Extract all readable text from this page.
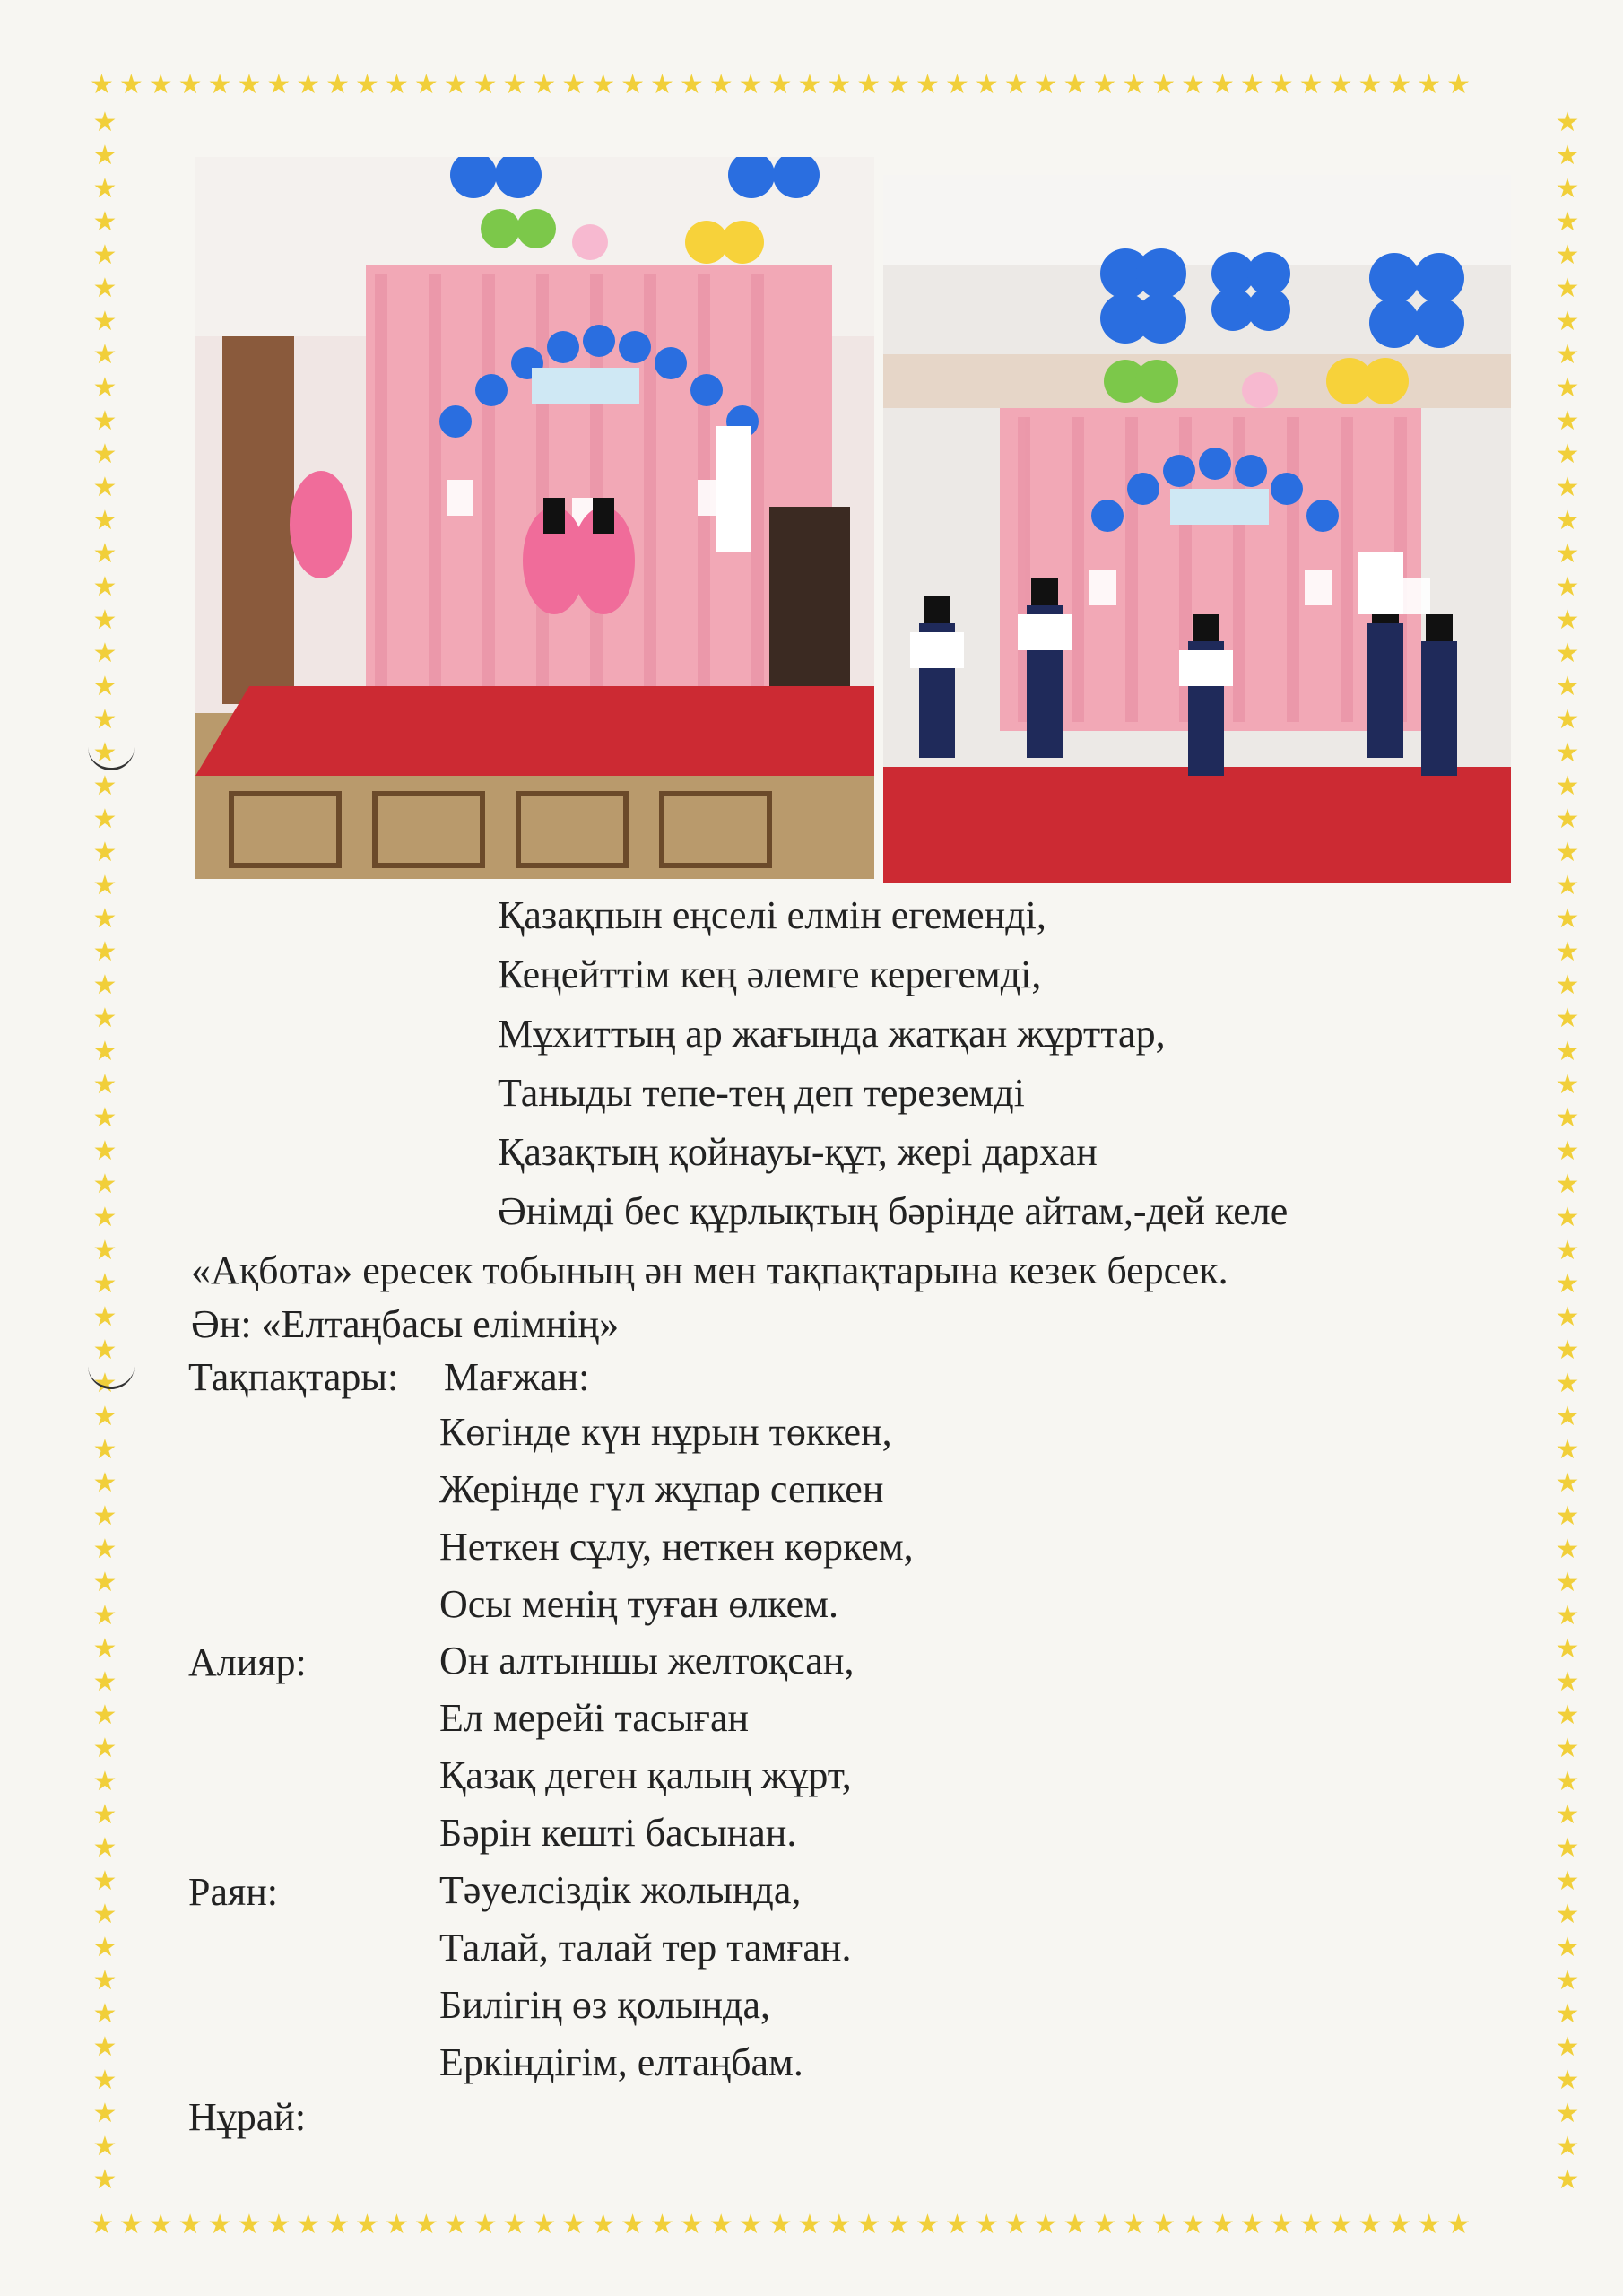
★★★★★★★★★★★★★★★★★★★★★★★★★★★★★★★★★★★★★★★★★★★★★★★
★★★★★★★★★★★★★★★★★★★★★★★★★★★★★★★★★★★★★★★★★★★★★★★
★★★★★★★★★★★★★★★★★★★★★★★★★★★★★★★★★★★★★★★★★★★★★★★★★★★★★★★★★★★★★★★
★★★★★★★★★★★★★★★★★★★★★★★★★★★★★★★★★★★★★★★★★★★★★★★★★★★★★★★★★★★★★★★
Қазақпын еңселі елмін егеменді,
Кеңейттім кең әлемге керегемді,
Мұхиттың ар жағында жатқан жұрттар,
Таныды тепе-тең деп тереземді
Қазақтың қойнауы-құт, жері дархан
Әнімді бес құрлықтың бәрінде айтам,-дей келе
«Ақбота» ересек тобының ән мен тақпақтарына кезек берсек.
Ән: «Елтаңбасы елімнің»
Тақпақтары: Мағжан:
Көгінде күн нұрын төккен,
Жерінде гүл жұпар сепкен
Неткен сұлу, неткен көркем,
Осы менің туған өлкем.
Алияр:	Он алтыншы желтоқсан,
Ел мерейі тасыған
Қазақ деген қалың жұрт,
Бәрін кешті басынан.
Раян:	Тәуелсіздік жолында,
Талай, талай тер тамған.
Билігің өз қолында,
Еркіндігім, елтаңбам.
Нұрай:
